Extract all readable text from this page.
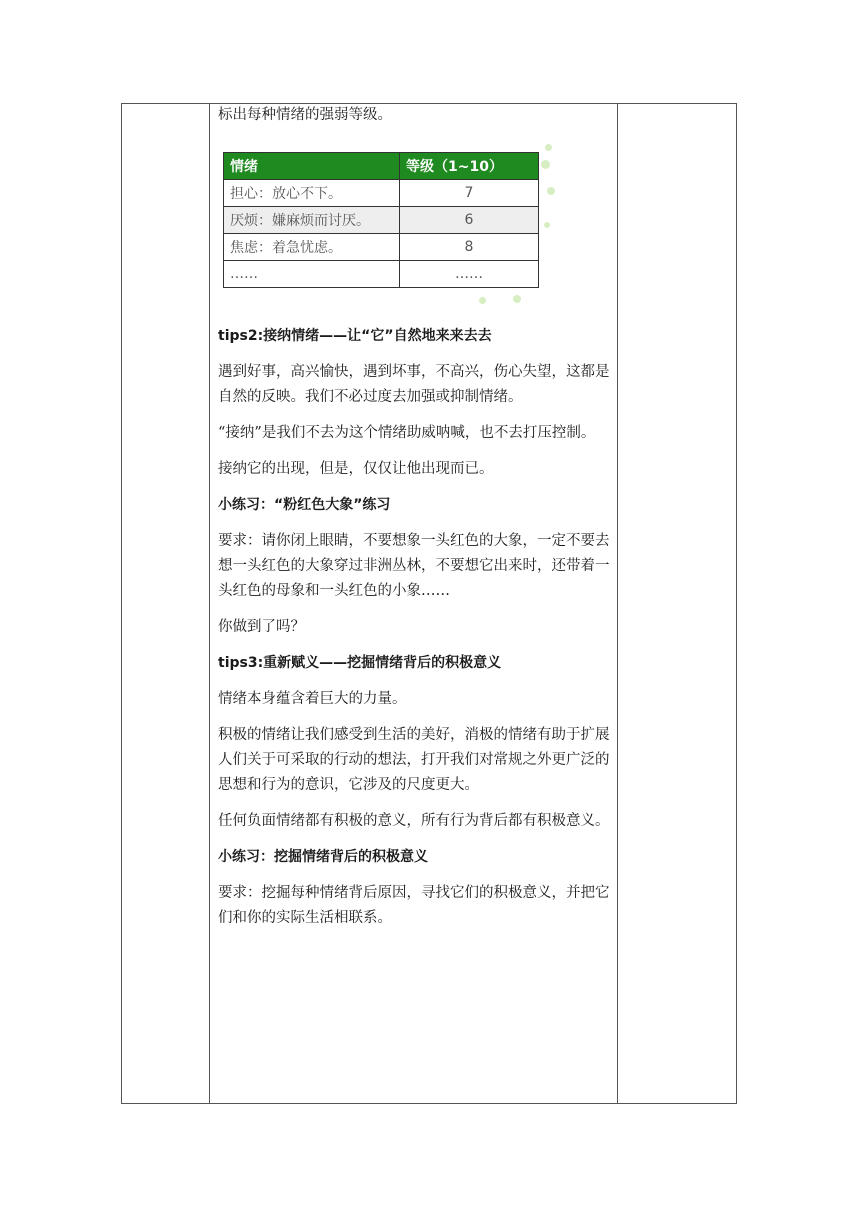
标出每种情绪的强弱等级。

情绪	等级（1~10）
担心：放心不下。	7
厌烦：嫌麻烦而讨厌。	6
焦虑：着急忧虑。	8
……	……

tips2:接纳情绪——让“它”自然地来来去去

遇到好事，高兴愉快，遇到坏事，不高兴，伤心失望，这都是自然的反映。我们不必过度去加强或抑制情绪。

“接纳”是我们不去为这个情绪助威呐喊，也不去打压控制。

接纳它的出现，但是，仅仅让他出现而已。

小练习：“粉红色大象”练习

要求：请你闭上眼睛，不要想象一头红色的大象，一定不要去想一头红色的大象穿过非洲丛林，不要想它出来时，还带着一头红色的母象和一头红色的小象……

你做到了吗？

tips3:重新赋义——挖掘情绪背后的积极意义

情绪本身蕴含着巨大的力量。

积极的情绪让我们感受到生活的美好，消极的情绪有助于扩展人们关于可采取的行动的想法，打开我们对常规之外更广泛的思想和行为的意识，它涉及的尺度更大。

任何负面情绪都有积极的意义，所有行为背后都有积极意义。

小练习：挖掘情绪背后的积极意义

要求：挖掘每种情绪背后原因，寻找它们的积极意义，并把它们和你的实际生活相联系。
